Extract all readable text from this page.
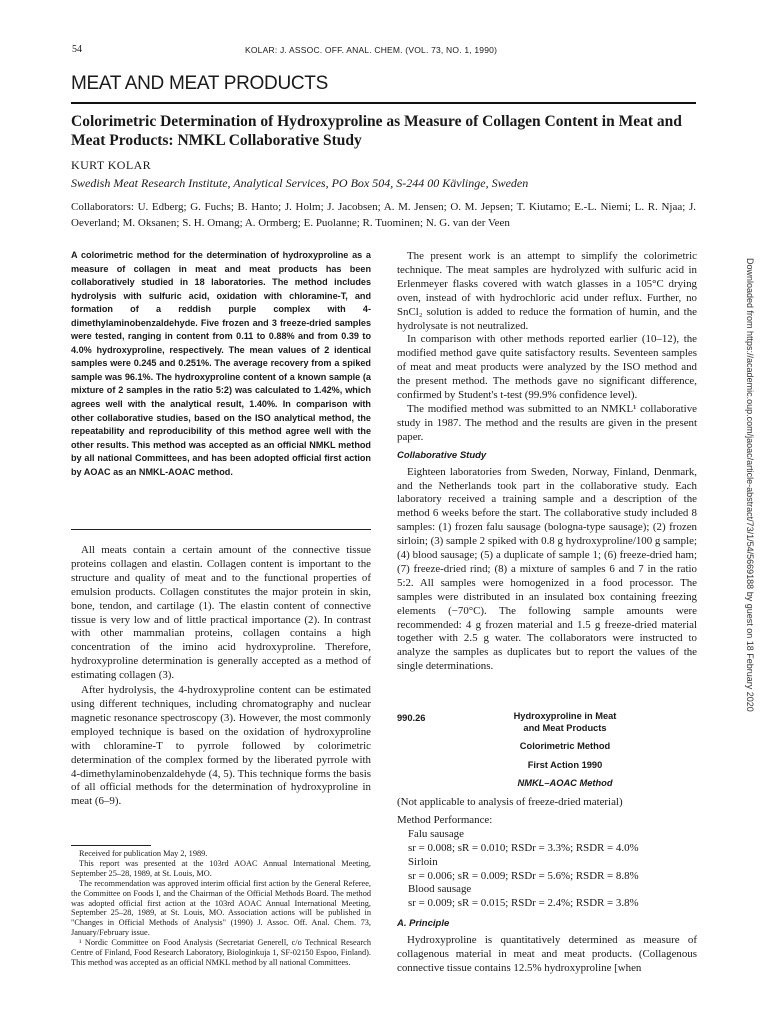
54	KOLAR: J. ASSOC. OFF. ANAL. CHEM. (VOL. 73, NO. 1, 1990)
MEAT AND MEAT PRODUCTS
Colorimetric Determination of Hydroxyproline as Measure of Collagen Content in Meat and Meat Products: NMKL Collaborative Study
KURT KOLAR
Swedish Meat Research Institute, Analytical Services, PO Box 504, S-244 00 Kävlinge, Sweden
Collaborators: U. Edberg; G. Fuchs; B. Hanto; J. Holm; J. Jacobsen; A. M. Jensen; O. M. Jepsen; T. Kiutamo; E.-L. Niemi; L. R. Njaa; J. Oeverland; M. Oksanen; S. H. Omang; A. Ormberg; E. Puolanne; R. Tuominen; N. G. van der Veen
A colorimetric method for the determination of hydroxyproline as a measure of collagen in meat and meat products has been collaboratively studied in 18 laboratories. The method includes hydrolysis with sulfuric acid, oxidation with chloramine-T, and formation of a reddish purple complex with 4-dimethylaminobenzaldehyde. Five frozen and 3 freeze-dried samples were tested, ranging in content from 0.11 to 0.88% and from 0.39 to 4.0% hydroxyproline, respectively. The mean values of 2 identical samples were 0.245 and 0.251%. The average recovery from a spiked sample was 96.1%. The hydroxyproline content of a known sample (a mixture of 2 samples in the ratio 5:2) was calculated to 1.42%, which agrees well with the analytical result, 1.40%. In comparison with other collaborative studies, based on the ISO analytical method, the repeatability and reproducibility of this method agree well with the other results. This method was accepted as an official NMKL method by all national Committees, and has been adopted official first action by AOAC as an NMKL-AOAC method.

All meats contain a certain amount of the connective tissue proteins collagen and elastin. Collagen content is important to the structure and quality of meat and to the functional properties of emulsion products. Collagen constitutes the major protein in skin, bone, tendon, and cartilage (1). The elastin content of connective tissue is very low and of little practical importance (2). In contrast with other mammalian proteins, collagen contains a high concentration of the imino acid hydroxyproline. Therefore, hydroxyproline determination is generally accepted as a method of estimating collagen (3).

After hydrolysis, the 4-hydroxyproline content can be estimated using different techniques, including chromatography and nuclear magnetic resonance spectroscopy (3). However, the most commonly employed technique is based on the oxidation of hydroxyproline with chloramine-T to pyrrole followed by colorimetric determination of the complex formed by the liberated pyrrole with 4-dimethylaminobenzaldehyde (4, 5). This technique forms the basis of all official methods for the determination of hydroxyproline in meat (6–9).

Received for publication May 2, 1989.

This report was presented at the 103rd AOAC Annual International Meeting, September 25–28, 1989, at St. Louis, MO.

The recommendation was approved interim official first action by the General Referee, the Committee on Foods I, and the Chairman of the Official Methods Board. The method was adopted official first action at the 103rd AOAC Annual International Meeting, September 25–28, 1989, at St. Louis, MO. Association actions will be published in "Changes in Official Methods of Analysis" (1990) J. Assoc. Off. Anal. Chem. 73, January/February issue.

¹ Nordic Committee on Food Analysis (Secretariat Generell, c/o Technical Research Centre of Finland, Food Research Laboratory, Biologinkuja 1, SF-02150 Espoo, Finland). This method was accepted as an official NMKL method by all national Committees.

The present work is an attempt to simplify the colorimetric technique. The meat samples are hydrolyzed with sulfuric acid in Erlenmeyer flasks covered with watch glasses in a 105°C drying oven, instead of with hydrochloric acid under reflux. Further, no SnCl₂ solution is added to reduce the formation of humin, and the hydrolysate is not neutralized.

In comparison with other methods reported earlier (10–12), the modified method gave quite satisfactory results. Seventeen samples of meat and meat products were analyzed by the ISO method and the present method. The methods gave no significant difference, confirmed by Student's t-test (99.9% confidence level).

The modified method was submitted to an NMKL¹ collaborative study in 1987. The method and the results are given in the present paper.

Collaborative Study

Eighteen laboratories from Sweden, Norway, Finland, Denmark, and the Netherlands took part in the collaborative study. Each laboratory received a training sample and a description of the method 6 weeks before the start. The collaborative study included 8 samples: (1) frozen falu sausage (bologna-type sausage); (2) frozen sirloin; (3) sample 2 spiked with 0.8 g hydroxyproline/100 g sample; (4) blood sausage; (5) a duplicate of sample 1; (6) freeze-dried ham; (7) freeze-dried rind; (8) a mixture of samples 6 and 7 in the ratio 5:2. All samples were homogenized in a food processor. The samples were distributed in an insulated box containing freezing elements (−70°C). The following sample amounts were recommended: 4 g frozen material and 1.5 g freeze-dried material together with 2.5 g water. The collaborators were instructed to analyze the samples as duplicates but to report the values of the single determinations.

990.26	Hydroxyproline in Meat
and Meat Products
Colorimetric Method
First Action 1990
NMKL–AOAC Method

(Not applicable to analysis of freeze-dried material)

Method Performance:

Falu sausage

sr = 0.008; sR = 0.010; RSDr = 3.3%; RSDR = 4.0%

Sirloin

sr = 0.006; sR = 0.009; RSDr = 5.6%; RSDR = 8.8%

Blood sausage

sr = 0.009; sR = 0.015; RSDr = 2.4%; RSDR = 3.8%

A. Principle

Hydroxyproline is quantitatively determined as measure of collagenous material in meat and meat products. (Collagenous connective tissue contains 12.5% hydroxyproline [when

Downloaded from https://academic.oup.com/jaoac/article-abstract/73/1/54/5669188 by guest on 18 February 2020
